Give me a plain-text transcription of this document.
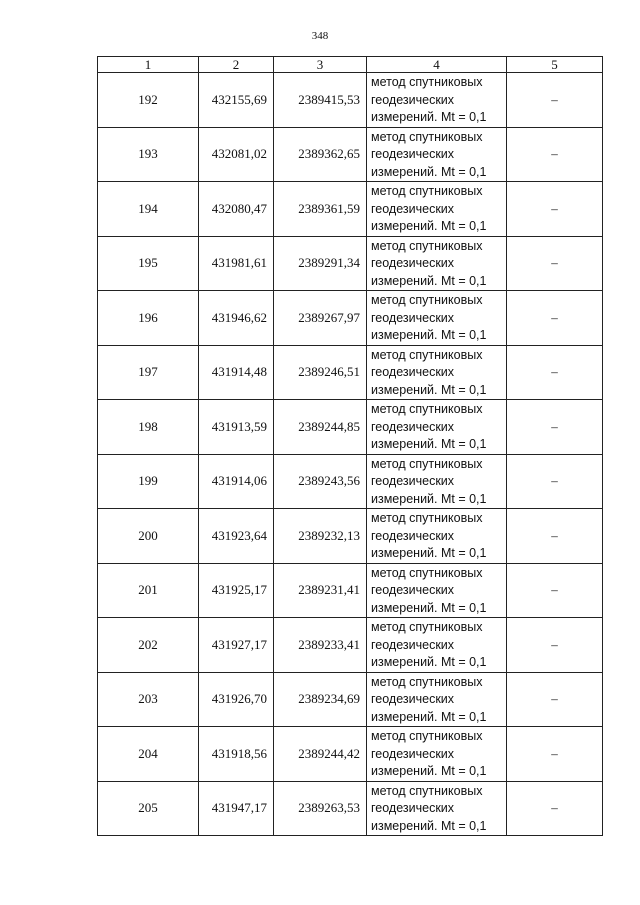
348
1	2	3	4	5
192	432155,69	2389415,53	метод спутниковых
геодезических
измерений. Mt = 0,1	–
193	432081,02	2389362,65	метод спутниковых
геодезических
измерений. Mt = 0,1	–
194	432080,47	2389361,59	метод спутниковых
геодезических
измерений. Mt = 0,1	–
195	431981,61	2389291,34	метод спутниковых
геодезических
измерений. Mt = 0,1	–
196	431946,62	2389267,97	метод спутниковых
геодезических
измерений. Mt = 0,1	–
197	431914,48	2389246,51	метод спутниковых
геодезических
измерений. Mt = 0,1	–
198	431913,59	2389244,85	метод спутниковых
геодезических
измерений. Mt = 0,1	–
199	431914,06	2389243,56	метод спутниковых
геодезических
измерений. Mt = 0,1	–
200	431923,64	2389232,13	метод спутниковых
геодезических
измерений. Mt = 0,1	–
201	431925,17	2389231,41	метод спутниковых
геодезических
измерений. Mt = 0,1	–
202	431927,17	2389233,41	метод спутниковых
геодезических
измерений. Mt = 0,1	–
203	431926,70	2389234,69	метод спутниковых
геодезических
измерений. Mt = 0,1	–
204	431918,56	2389244,42	метод спутниковых
геодезических
измерений. Mt = 0,1	–
205	431947,17	2389263,53	метод спутниковых
геодезических
измерений. Mt = 0,1	–
